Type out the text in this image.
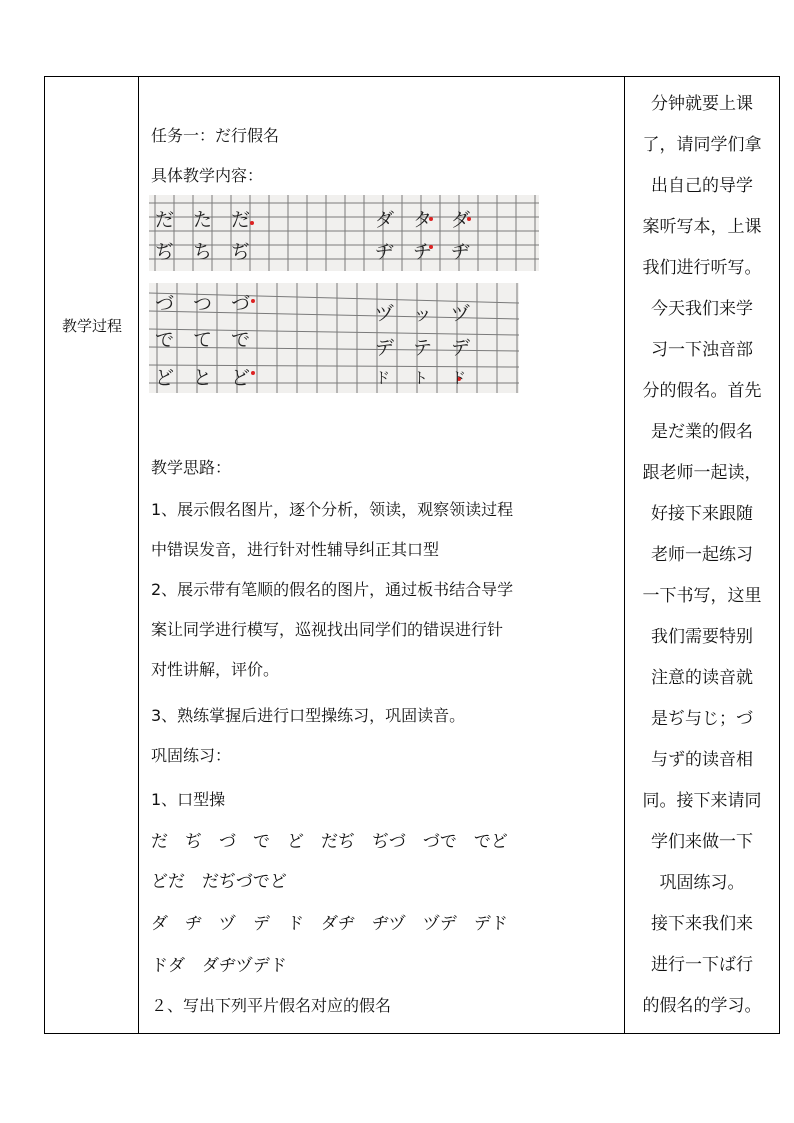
教学过程
任务一：だ行假名
具体教学内容：
だ た だ	ダ タ ダ
ぢ ち ぢ	ヂ チ ヂ
づ つ づ	ヅ ッ ヅ
で て で	デ テ デ
ど と ど	ド ト ド
教学思路：
1、展示假名图片，逐个分析，领读，观察领读过程
中错误发音，进行针对性辅导纠正其口型
2、展示带有笔顺的假名的图片，通过板书结合导学
案让同学进行模写，巡视找出同学们的错误进行针
对性讲解，评价。
3、熟练掌握后进行口型操练习，巩固读音。
巩固练习：
1、口型操
だ　ぢ　づ　で　ど　だぢ　ぢづ　づで　でど
どだ　だぢづでど
ダ　ヂ　ヅ　デ　ド　ダヂ　ヂヅ　ヅデ　デド
ドダ　ダヂヅデド
２、写出下列平片假名对应的假名
分钟就要上课
了，请同学们拿
出自己的导学
案听写本，上课
我们进行听写。
今天我们来学
习一下浊音部
分的假名。首先
是だ業的假名
跟老师一起读，
好接下来跟随
老师一起练习
一下书写，这里
我们需要特别
注意的读音就
是ぢ与じ；づ
与ず的读音相
同。接下来请同
学们来做一下
巩固练习。
接下来我们来
进行一下ば行
的假名的学习。
